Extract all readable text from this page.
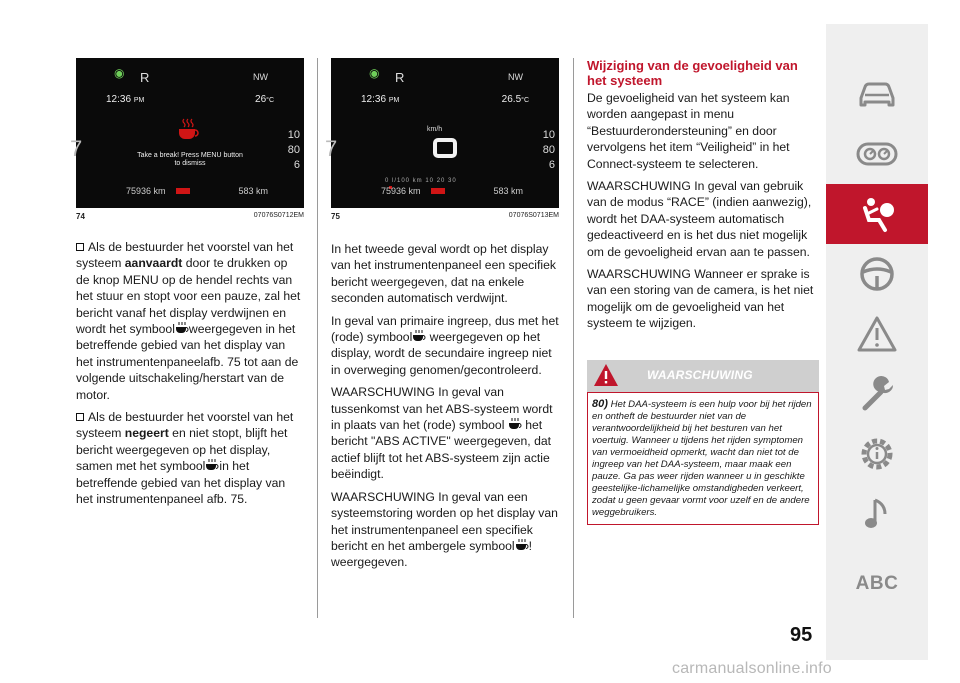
◉ R	NW
12:36 PM	26°C
Take a break! Press MENU button to dismiss
7
10
80
6
75936 km	583 km
74	07076S0712EM

Als de bestuurder het voorstel van het systeem aanvaardt door te drukken op de knop MENU op de hendel rechts van het stuur en stopt voor een pauze, zal het bericht vanaf het display verdwijnen en wordt het symbool weergegeven in het betreffende gebied van het display van het instrumentenpaneelafb. 75 tot aan de volgende uitschakeling/herstart van de motor.

Als de bestuurder het voorstel van het systeem negeert en niet stopt, blijft het bericht weergegeven op het display, samen met het symbool in het betreffende gebied van het display van het instrumentenpaneel afb. 75.

◉ R	NW
12:36 PM	26.5°C
km/h
0 l/100 km 10 20 30
7
10
80
6
75936 km	583 km
75	07076S0713EM

In het tweede geval wordt op het display van het instrumentenpaneel een specifiek bericht weergegeven, dat na enkele seconden automatisch verdwijnt.

In geval van primaire ingreep, dus met het (rode) symbool weergegeven op het display, wordt de secundaire ingreep niet in overweging genomen/gecontroleerd.

WAARSCHUWING In geval van tussenkomst van het ABS-systeem wordt in plaats van het (rode) symbool het bericht "ABS ACTIVE" weergegeven, dat actief blijft tot het ABS-systeem zijn actie beëindigt.

WAARSCHUWING In geval van een systeemstoring worden op het display van het instrumentenpaneel een specifiek bericht en het ambergele symbool ! weergegeven.

Wijziging van de gevoeligheid van het systeem

De gevoeligheid van het systeem kan worden aangepast in menu “Bestuurderondersteuning” en door vervolgens het item “Veiligheid” in het Connect-systeem te selecteren.

WAARSCHUWING In geval van gebruik van de modus “RACE” (indien aanwezig), wordt het DAA-systeem automatisch gedeactiveerd en is het dus niet mogelijk om de gevoeligheid ervan aan te passen.

WAARSCHUWING Wanneer er sprake is van een storing van de camera, is het niet mogelijk om de gevoeligheid van het systeem te wijzigen.

WAARSCHUWING
80) Het DAA-systeem is een hulp voor bij het rijden en ontheft de bestuurder niet van de verantwoordelijkheid bij het besturen van het voertuig. Wanneer u tijdens het rijden symptomen van vermoeidheid opmerkt, wacht dan niet tot de ingreep van het DAA-systeem, maar maak een pauze. Ga pas weer rijden wanneer u in geschikte geestelijke-lichamelijke omstandigheden verkeert, zodat u geen gevaar vormt voor uzelf en de andere weggebruikers.
ABC
95
carmanualsonline.info
